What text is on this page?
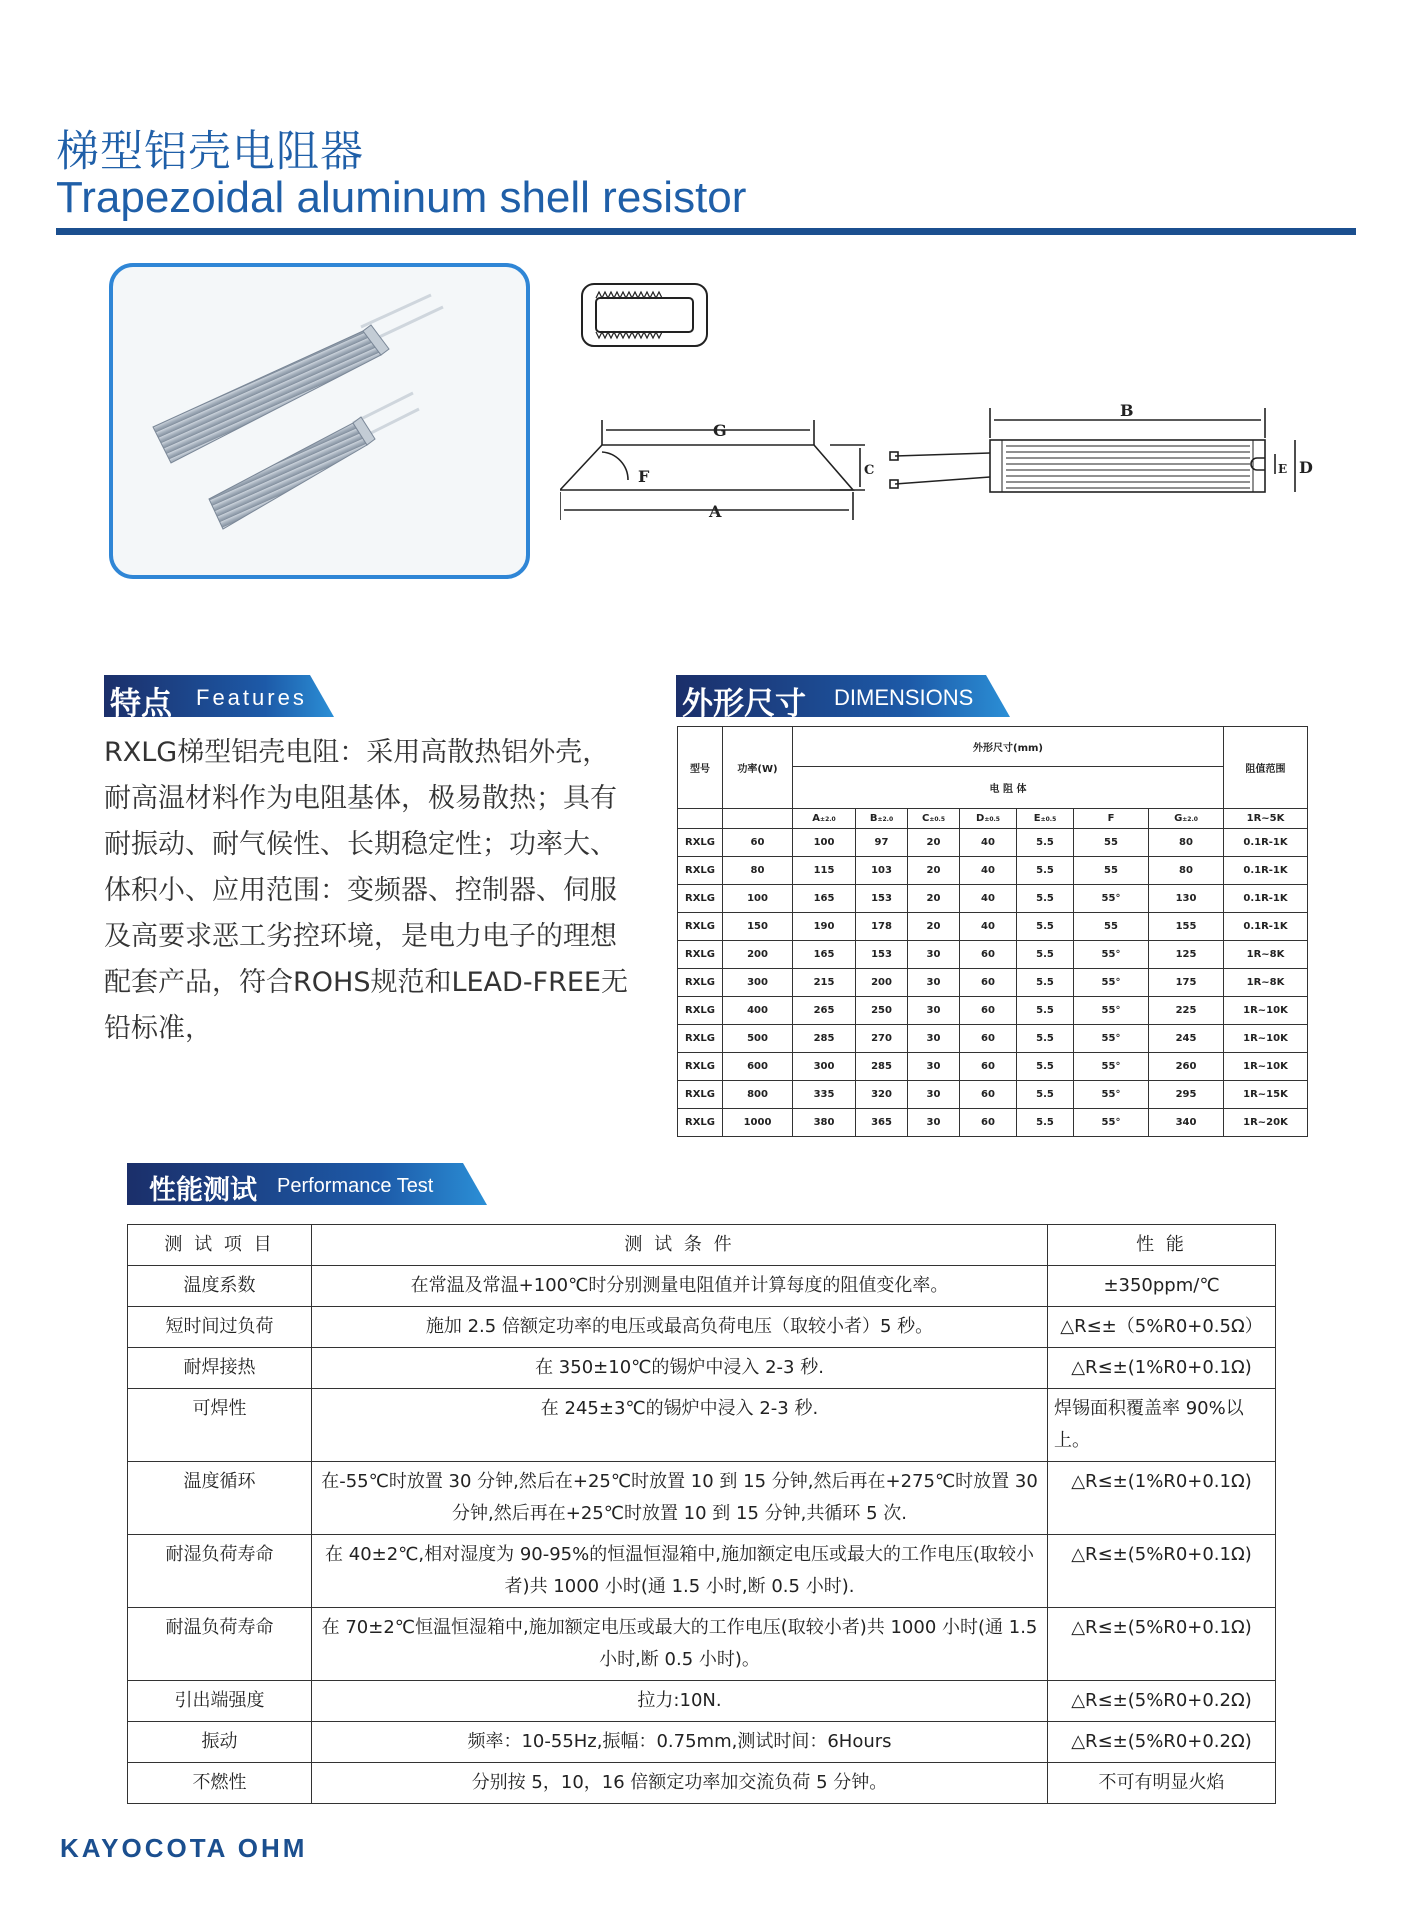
梯型铝壳电阻器
Trapezoidal aluminum shell resistor
G
A
F	C
B
E D
特点 Features
RXLG梯型铝壳电阻：采用高散热铝外壳，耐高温材料作为电阻基体，极易散热；具有耐振动、耐气候性、长期稳定性；功率大、体积小、应用范围：变频器、控制器、伺服及高要求恶工劣控环境，是电力电子的理想配套产品，符合ROHS规范和LEAD-FREE无铅标准，
外形尺寸 DIMENSIONS
型号	功率(W)	外形尺寸(mm)							阻值范围
		电 阻 体							
		A±2.0	B±2.0	C±0.5	D±0.5	E±0.5	F	G±2.0	1R~5K
RXLG	60	100	97	20	40	5.5	55	80	0.1R-1K
RXLG	80	115	103	20	40	5.5	55	80	0.1R-1K
RXLG	100	165	153	20	40	5.5	55°	130	0.1R-1K
RXLG	150	190	178	20	40	5.5	55	155	0.1R-1K
RXLG	200	165	153	30	60	5.5	55°	125	1R~8K
RXLG	300	215	200	30	60	5.5	55°	175	1R~8K
RXLG	400	265	250	30	60	5.5	55°	225	1R~10K
RXLG	500	285	270	30	60	5.5	55°	245	1R~10K
RXLG	600	300	285	30	60	5.5	55°	260	1R~10K
RXLG	800	335	320	30	60	5.5	55°	295	1R~15K
RXLG	1000	380	365	30	60	5.5	55°	340	1R~20K
性能测试 Performance Test
测 试 项 目	测 试 条 件	性 能
温度系数	在常温及常温+100℃时分别测量电阻值并计算每度的阻值变化率。	±350ppm/℃
短时间过负荷	施加 2.5 倍额定功率的电压或最高负荷电压（取较小者）5 秒。	△R≤±（5%R0+0.5Ω）
耐焊接热	在 350±10℃的锡炉中浸入 2-3 秒.	△R≤±(1%R0+0.1Ω)
可焊性	在 245±3℃的锡炉中浸入 2-3 秒.	焊锡面积覆盖率 90%以上。
温度循环	在-55℃时放置 30 分钟,然后在+25℃时放置 10 到 15 分钟,然后再在+275℃时放置 30 分钟,然后再在+25℃时放置 10 到 15 分钟,共循环 5 次.	△R≤±(1%R0+0.1Ω)
耐湿负荷寿命	在 40±2℃,相对湿度为 90-95%的恒温恒湿箱中,施加额定电压或最大的工作电压(取较小者)共 1000 小时(通 1.5 小时,断 0.5 小时).	△R≤±(5%R0+0.1Ω)
耐温负荷寿命	在 70±2℃恒温恒湿箱中,施加额定电压或最大的工作电压(取较小者)共 1000 小时(通 1.5 小时,断 0.5 小时)。	△R≤±(5%R0+0.1Ω)
引出端强度	拉力:10N.	△R≤±(5%R0+0.2Ω)
振动	频率：10-55Hz,振幅：0.75mm,测试时间：6Hours	△R≤±(5%R0+0.2Ω)
不燃性	分别按 5，10，16 倍额定功率加交流负荷 5 分钟。	不可有明显火焰
KAYOCOTA OHM
